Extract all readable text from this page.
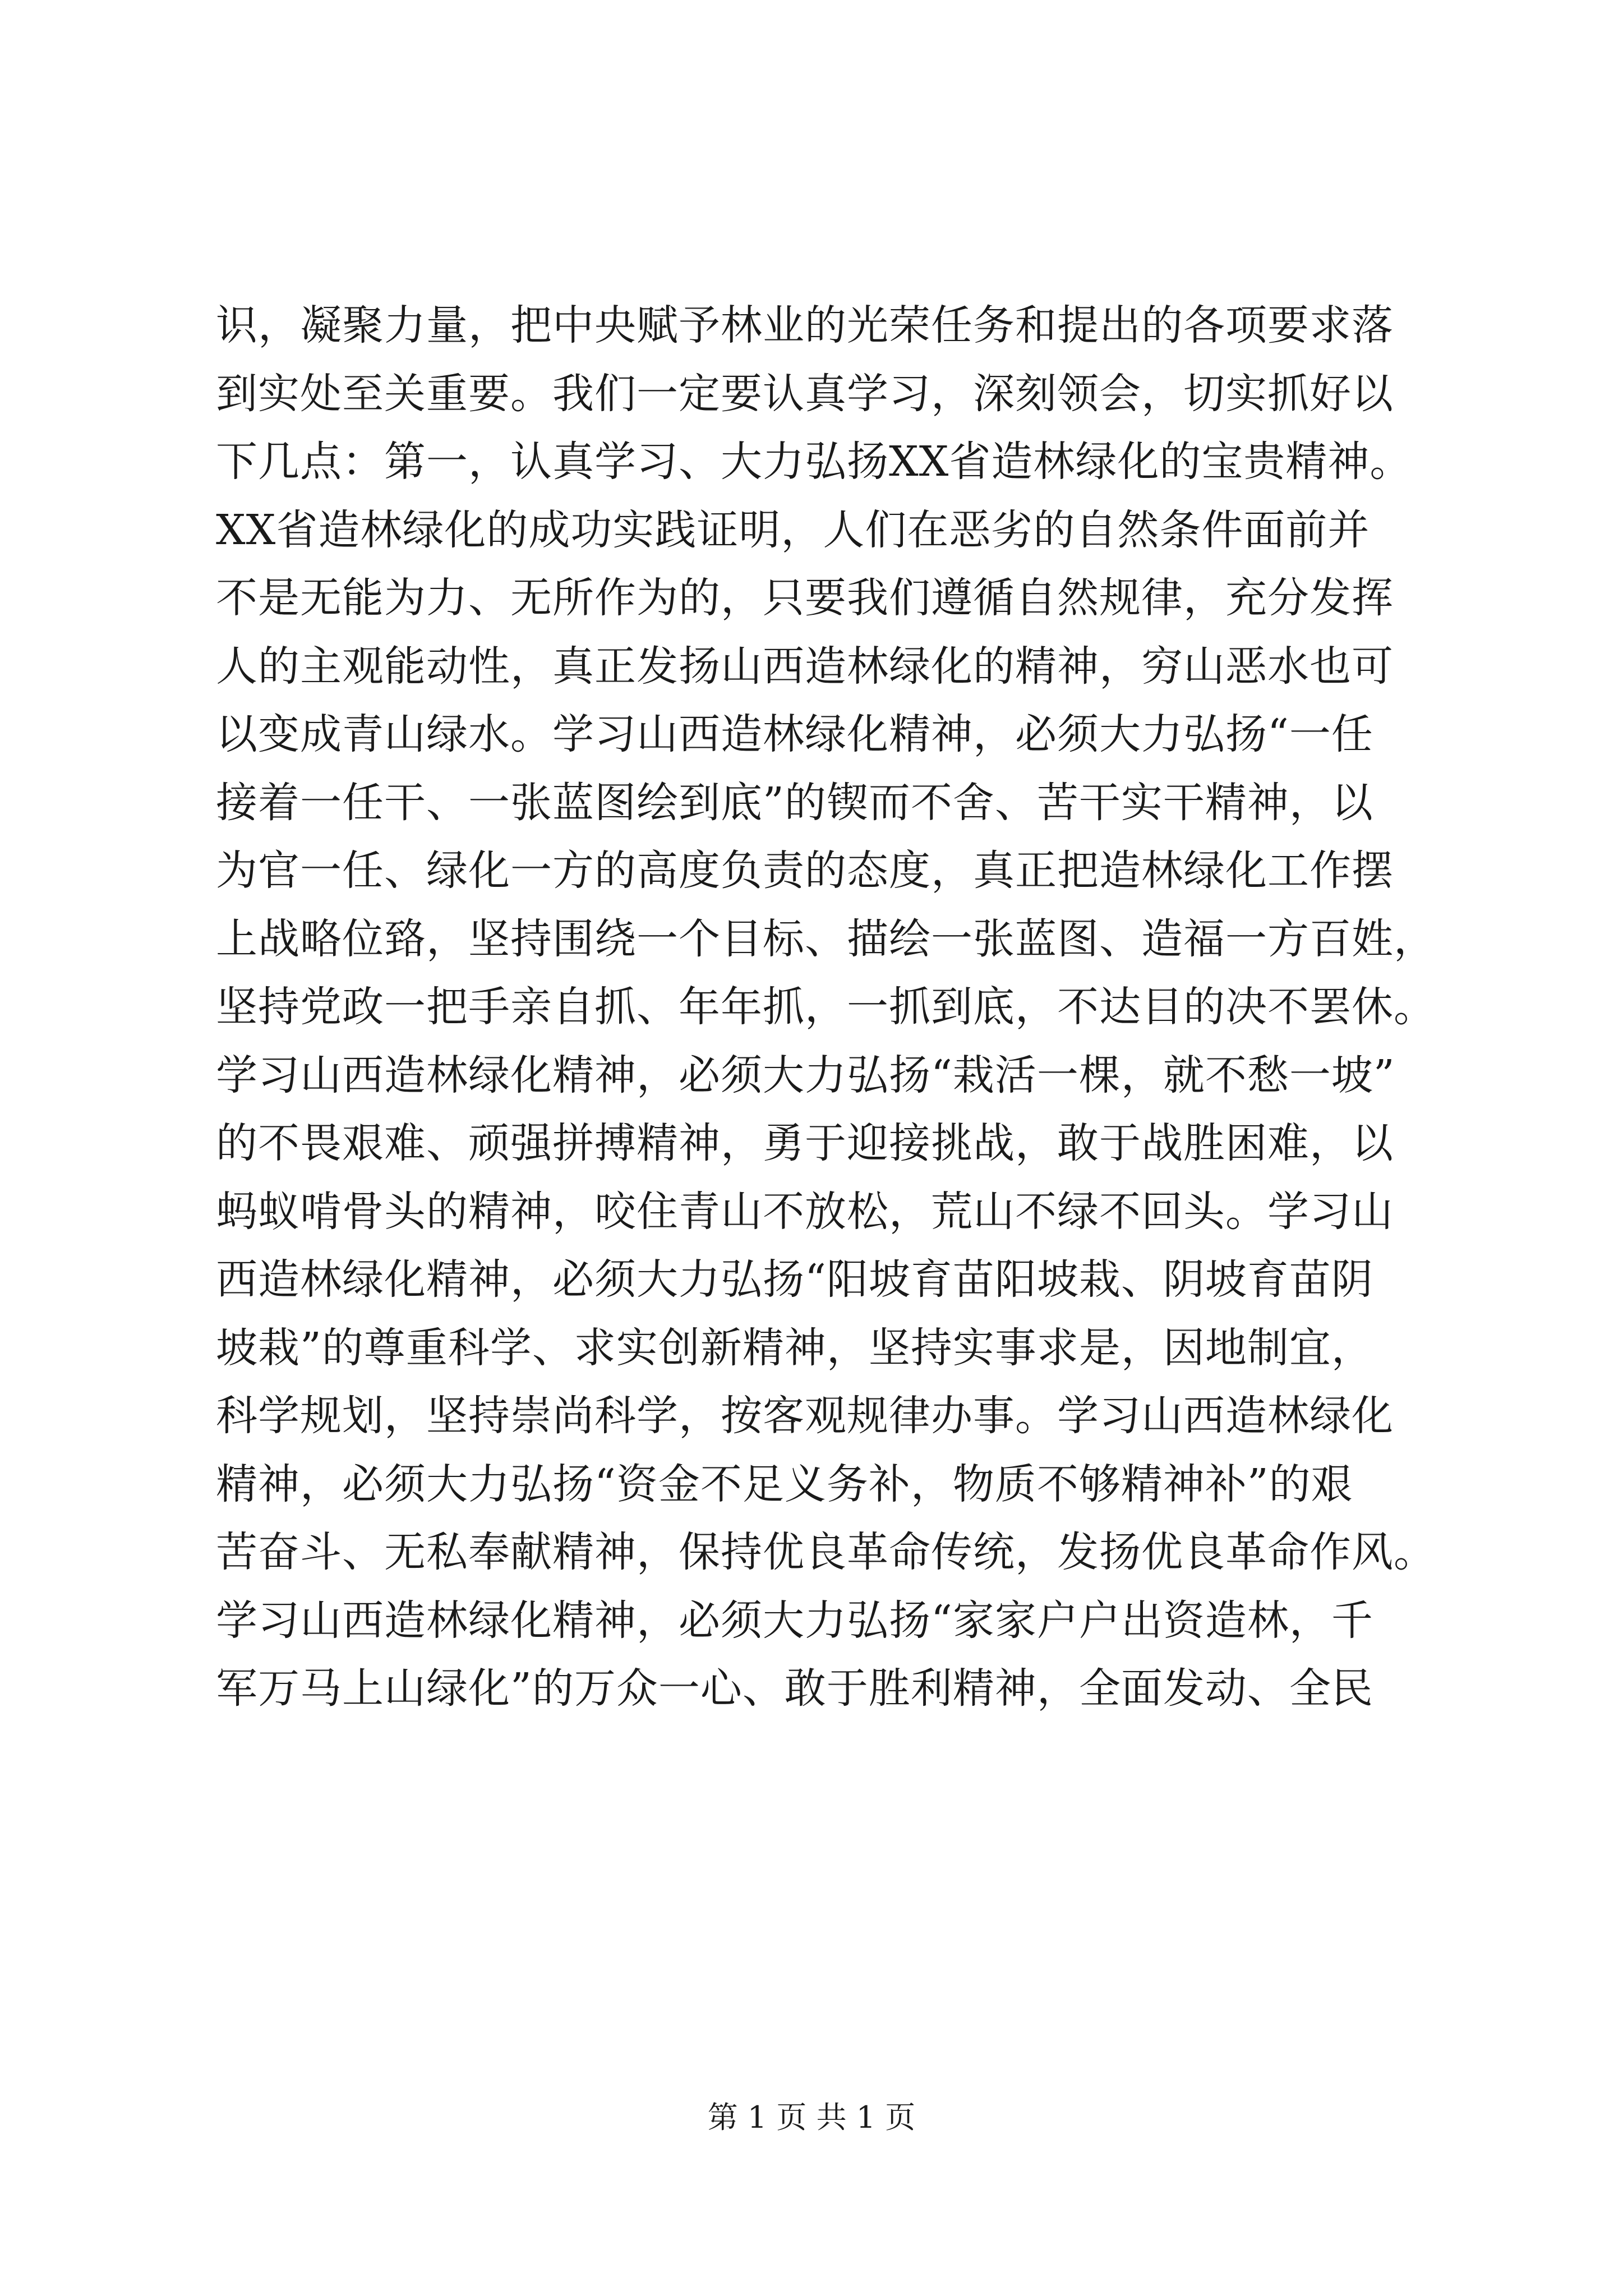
识，凝聚力量，把中央赋予林业的光荣任务和提出的各项要求落
到实处至关重要。我们一定要认真学习，深刻领会，切实抓好以
下几点：第一，认真学习、大力弘扬XX省造林绿化的宝贵精神。
XX省造林绿化的成功实践证明，人们在恶劣的自然条件面前并
不是无能为力、无所作为的，只要我们遵循自然规律，充分发挥
人的主观能动性，真正发扬山西造林绿化的精神，穷山恶水也可
以变成青山绿水。学习山西造林绿化精神，必须大力弘扬“一任
接着一任干、一张蓝图绘到底”的锲而不舍、苦干实干精神，以
为官一任、绿化一方的高度负责的态度，真正把造林绿化工作摆
上战略位臵，坚持围绕一个目标、描绘一张蓝图、造福一方百姓，
坚持党政一把手亲自抓、年年抓，一抓到底，不达目的决不罢休。
学习山西造林绿化精神，必须大力弘扬“栽活一棵，就不愁一坡”
的不畏艰难、顽强拼搏精神，勇于迎接挑战，敢于战胜困难，以
蚂蚁啃骨头的精神，咬住青山不放松，荒山不绿不回头。学习山
西造林绿化精神，必须大力弘扬“阳坡育苗阳坡栽、阴坡育苗阴
坡栽”的尊重科学、求实创新精神，坚持实事求是，因地制宜，
科学规划，坚持崇尚科学，按客观规律办事。学习山西造林绿化
精神，必须大力弘扬“资金不足义务补，物质不够精神补”的艰
苦奋斗、无私奉献精神，保持优良革命传统，发扬优良革命作风。
学习山西造林绿化精神，必须大力弘扬“家家户户出资造林，千
军万马上山绿化”的万众一心、敢于胜利精神，全面发动、全民
第 1 页 共 1 页
